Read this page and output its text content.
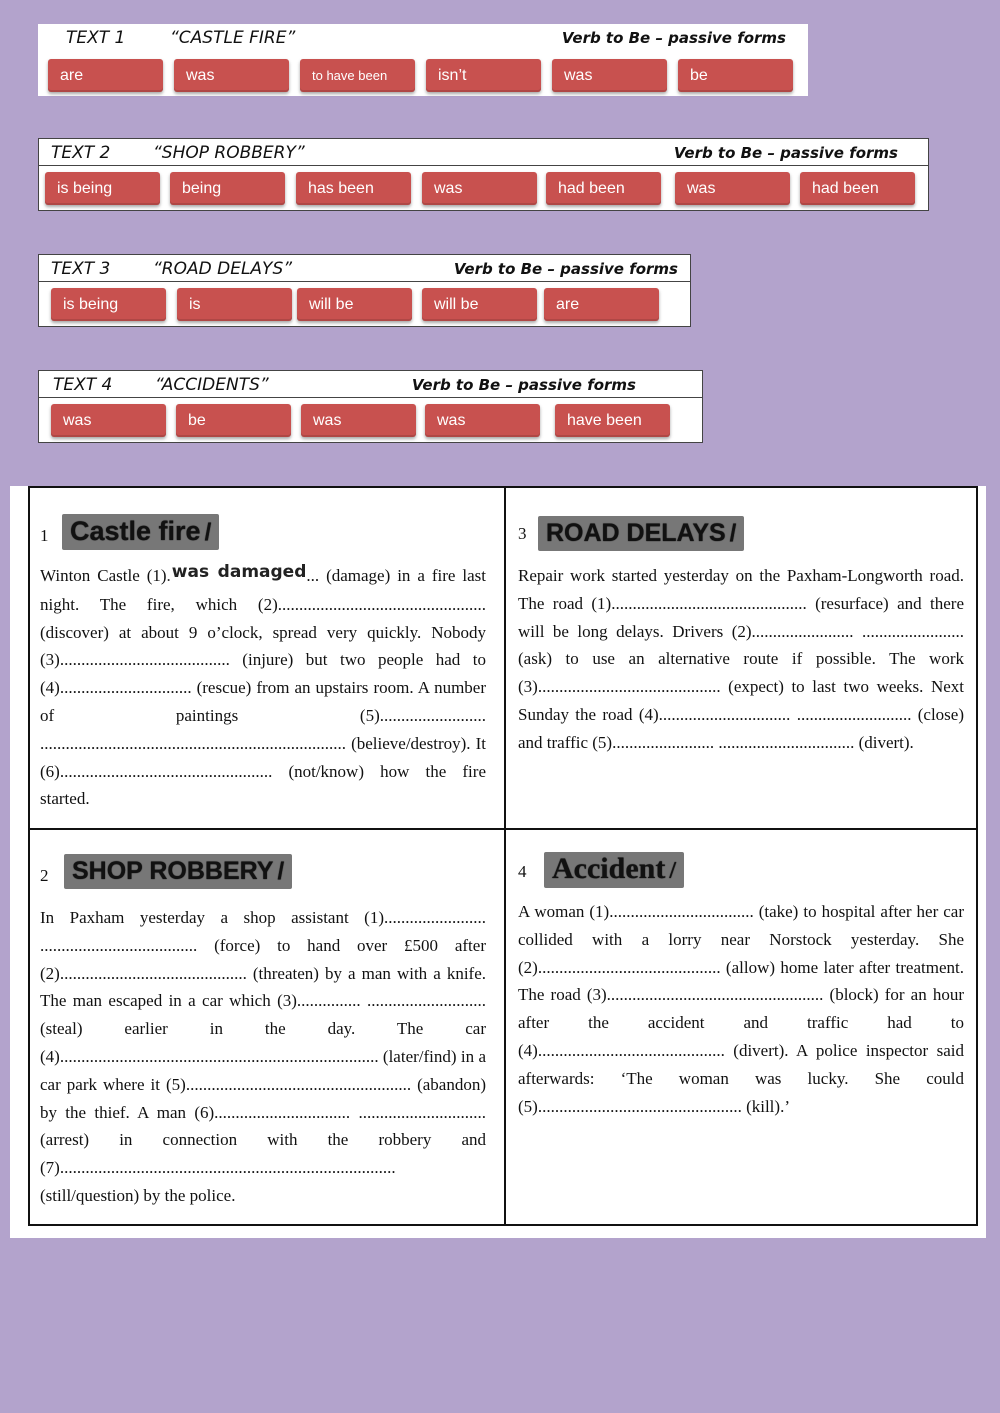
TEXT 1	“CASTLE FIRE”	Verb to Be – passive forms
are	was	to have been	isn’t	was	be
TEXT 2	“SHOP ROBBERY”	Verb to Be – passive forms
is being	being	has been	was	had been	was	had been
TEXT 3	“ROAD DELAYS”	Verb to Be – passive forms
is being	is	will be	will be	are
TEXT 4	“ACCIDENTS”	Verb to Be – passive forms
was	be	was	was	have been
1 Castle fire /
Winton Castle (1).was damaged... (damage) in a fire last night. The fire, which (2)................................................. (discover) at about 9 o’clock, spread very quickly. Nobody (3)........................................ (injure) but two people had to (4)............................... (rescue) from an upstairs room. A number of paintings (5)......................... ........................................................................ (believe/destroy). It (6).................................................. (not/know) how the fire started.
3 ROAD DELAYS /
Repair work started yesterday on the Paxham-Longworth road. The road (1).............................................. (resurface) and there will be long delays. Drivers (2)........................ ........................(ask) to use an alternative route if possible. The work (3)........................................... (expect) to last two weeks. Next Sunday the road (4)............................... ........................... (close) and traffic (5)........................ ................................ (divert).
2 SHOP ROBBERY /
In Paxham yesterday a shop assistant (1)........................ ..................................... (force) to hand over £500 after (2)............................................ (threaten) by a man with a knife. The man escaped in a car which (3)............... ............................ (steal) earlier in the day. The car (4)........................................................................... (later/find) in a car park where it (5)..................................................... (abandon) by the thief. A man (6)................................ .............................. (arrest) in connection with the robbery and (7)............................................................................... (still/question) by the police.
4 Accident /
A woman (1).................................. (take) to hospital after her car collided with a lorry near Norstock yesterday. She (2)........................................... (allow) home later after treatment. The road (3)................................................... (block) for an hour after the accident and traffic had to (4)............................................ (divert). A police inspector said afterwards: ‘The woman was lucky. She could (5)................................................ (kill).’
